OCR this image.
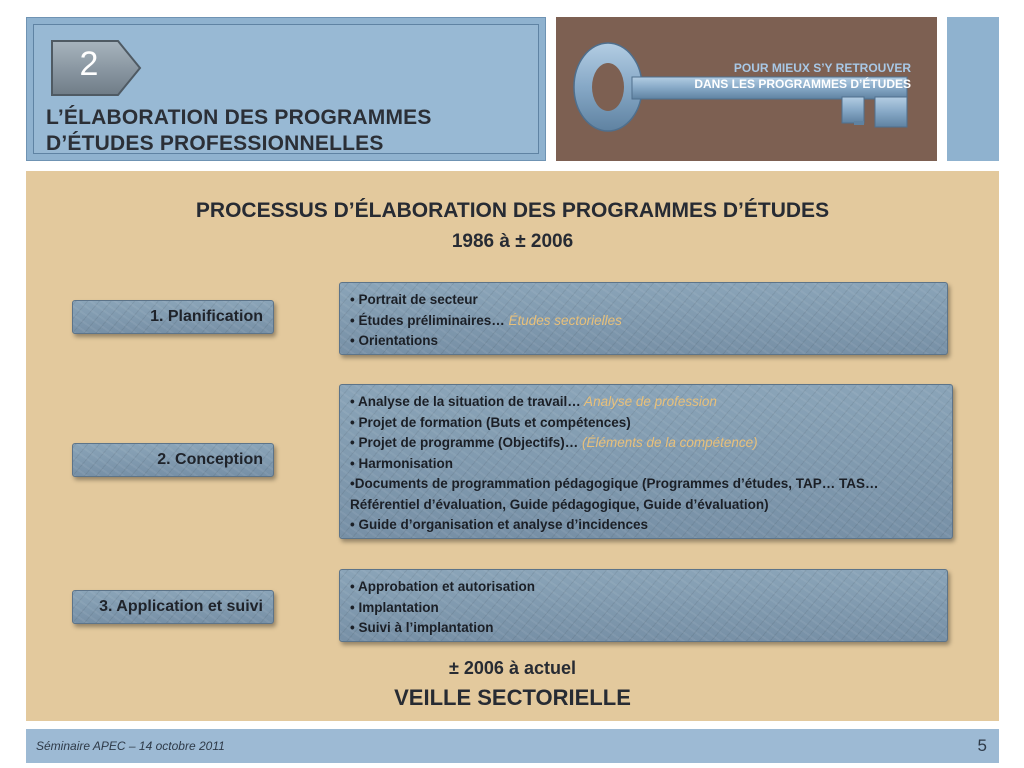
2
L’ÉLABORATION DES PROGRAMMES
D’ÉTUDES PROFESSIONNELLES
POUR MIEUX S’Y RETROUVER
DANS LES PROGRAMMES D’ÉTUDES
PROCESSUS D’ÉLABORATION DES PROGRAMMES D’ÉTUDES
1986 à ± 2006
1. Planification
2. Conception
3. Application et suivi
• Portrait de secteur
• Études préliminaires… Études sectorielles
• Orientations
• Analyse de la situation de travail… Analyse de profession
• Projet de formation (Buts et compétences)
• Projet de programme (Objectifs)… (Éléments de la compétence)
• Harmonisation
•Documents de programmation pédagogique (Programmes d’études, TAP… TAS…
Référentiel d’évaluation, Guide pédagogique, Guide d’évaluation)
• Guide d’organisation et analyse d’incidences
• Approbation et autorisation
• Implantation
• Suivi à l’implantation
± 2006 à actuel
VEILLE SECTORIELLE
Séminaire APEC – 14 octobre 2011	5
